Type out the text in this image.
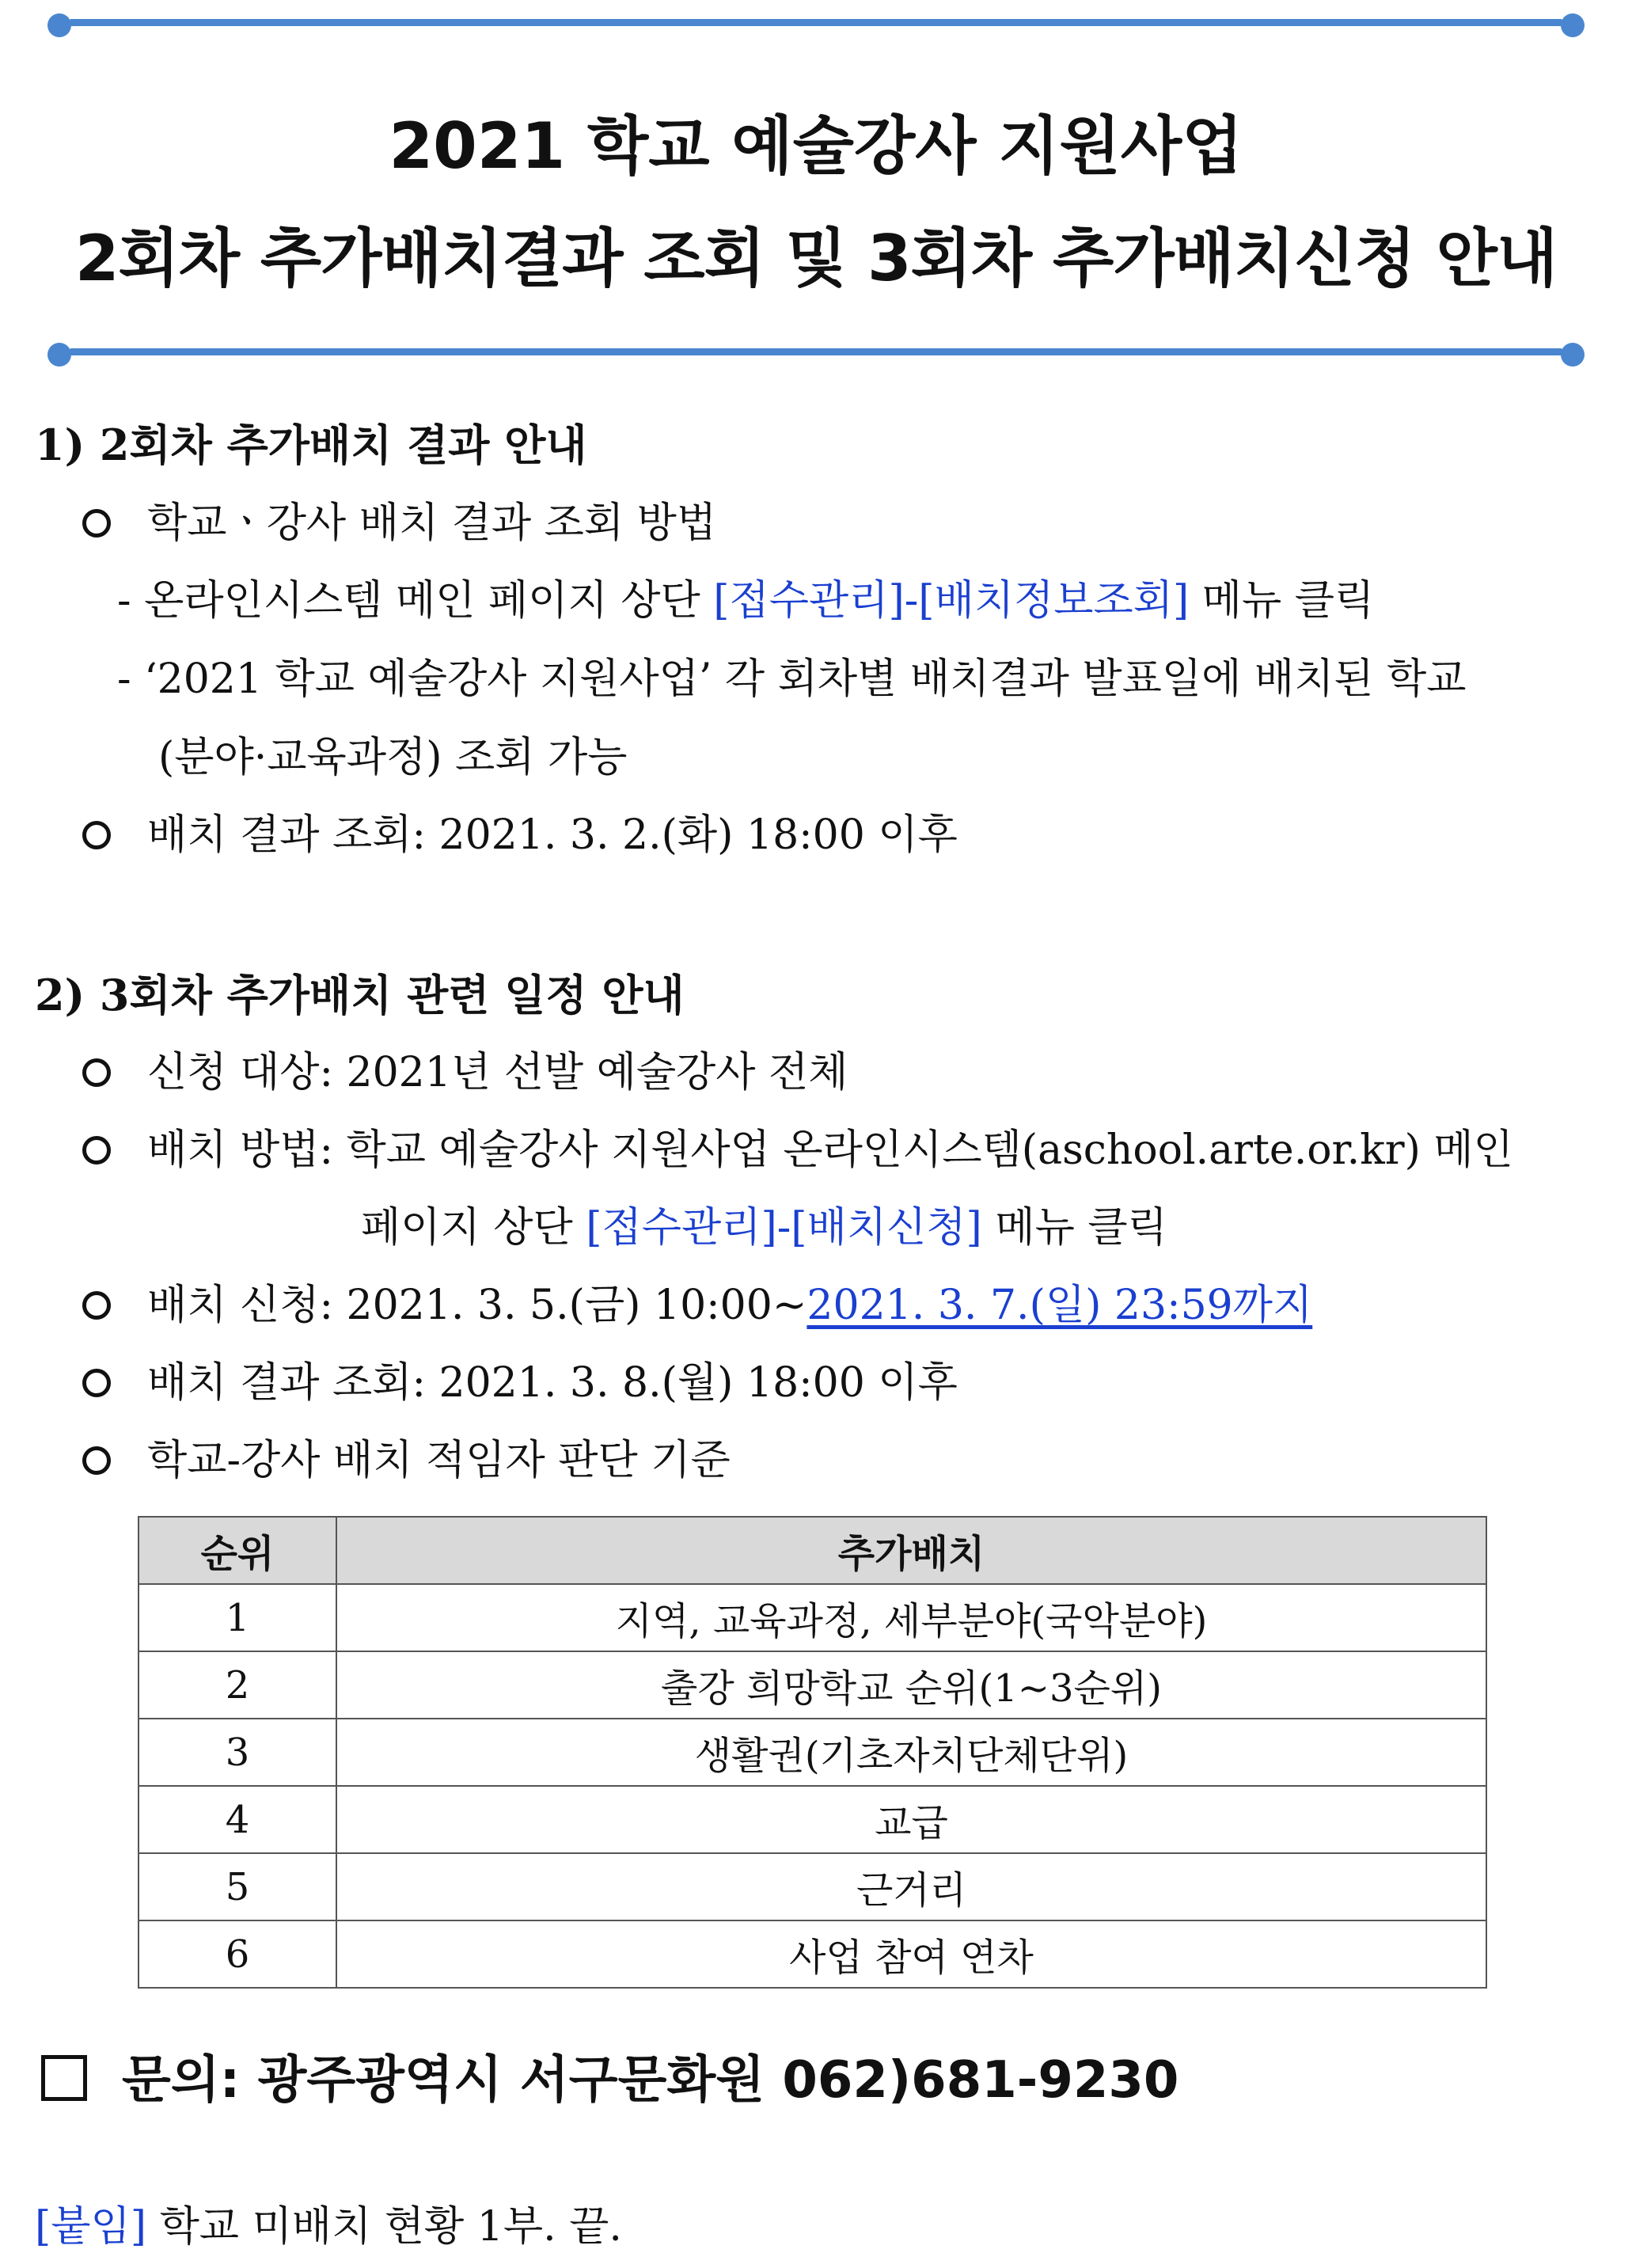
2021 학교 예술강사 지원사업
2회차 추가배치결과 조회 및 3회차 추가배치신청 안내
1) 2회차 추가배치 결과 안내
학교ㆍ강사 배치 결과 조회 방법
- 온라인시스템 메인 페이지 상단 [접수관리]-[배치정보조회] 메뉴 클릭
- ‘2021 학교 예술강사 지원사업’ 각 회차별 배치결과 발표일에 배치된 학교
(분야·교육과정) 조회 가능
배치 결과 조회: 2021. 3. 2.(화) 18:00 이후
2) 3회차 추가배치 관련 일정 안내
신청 대상: 2021년 선발 예술강사 전체
배치 방법: 학교 예술강사 지원사업 온라인시스템(aschool.arte.or.kr) 메인
페이지 상단 [접수관리]-[배치신청] 메뉴 클릭
배치 신청: 2021. 3. 5.(금) 10:00~2021. 3. 7.(일) 23:59까지
배치 결과 조회: 2021. 3. 8.(월) 18:00 이후
학교-강사 배치 적임자 판단 기준
순위	추가배치
1	지역, 교육과정, 세부분야(국악분야)
2	출강 희망학교 순위(1∼3순위)
3	생활권(기초자치단체단위)
4	교급
5	근거리
6	사업 참여 연차
문의: 광주광역시 서구문화원 062)681-9230
[붙임] 학교 미배치 현황 1부. 끝.
